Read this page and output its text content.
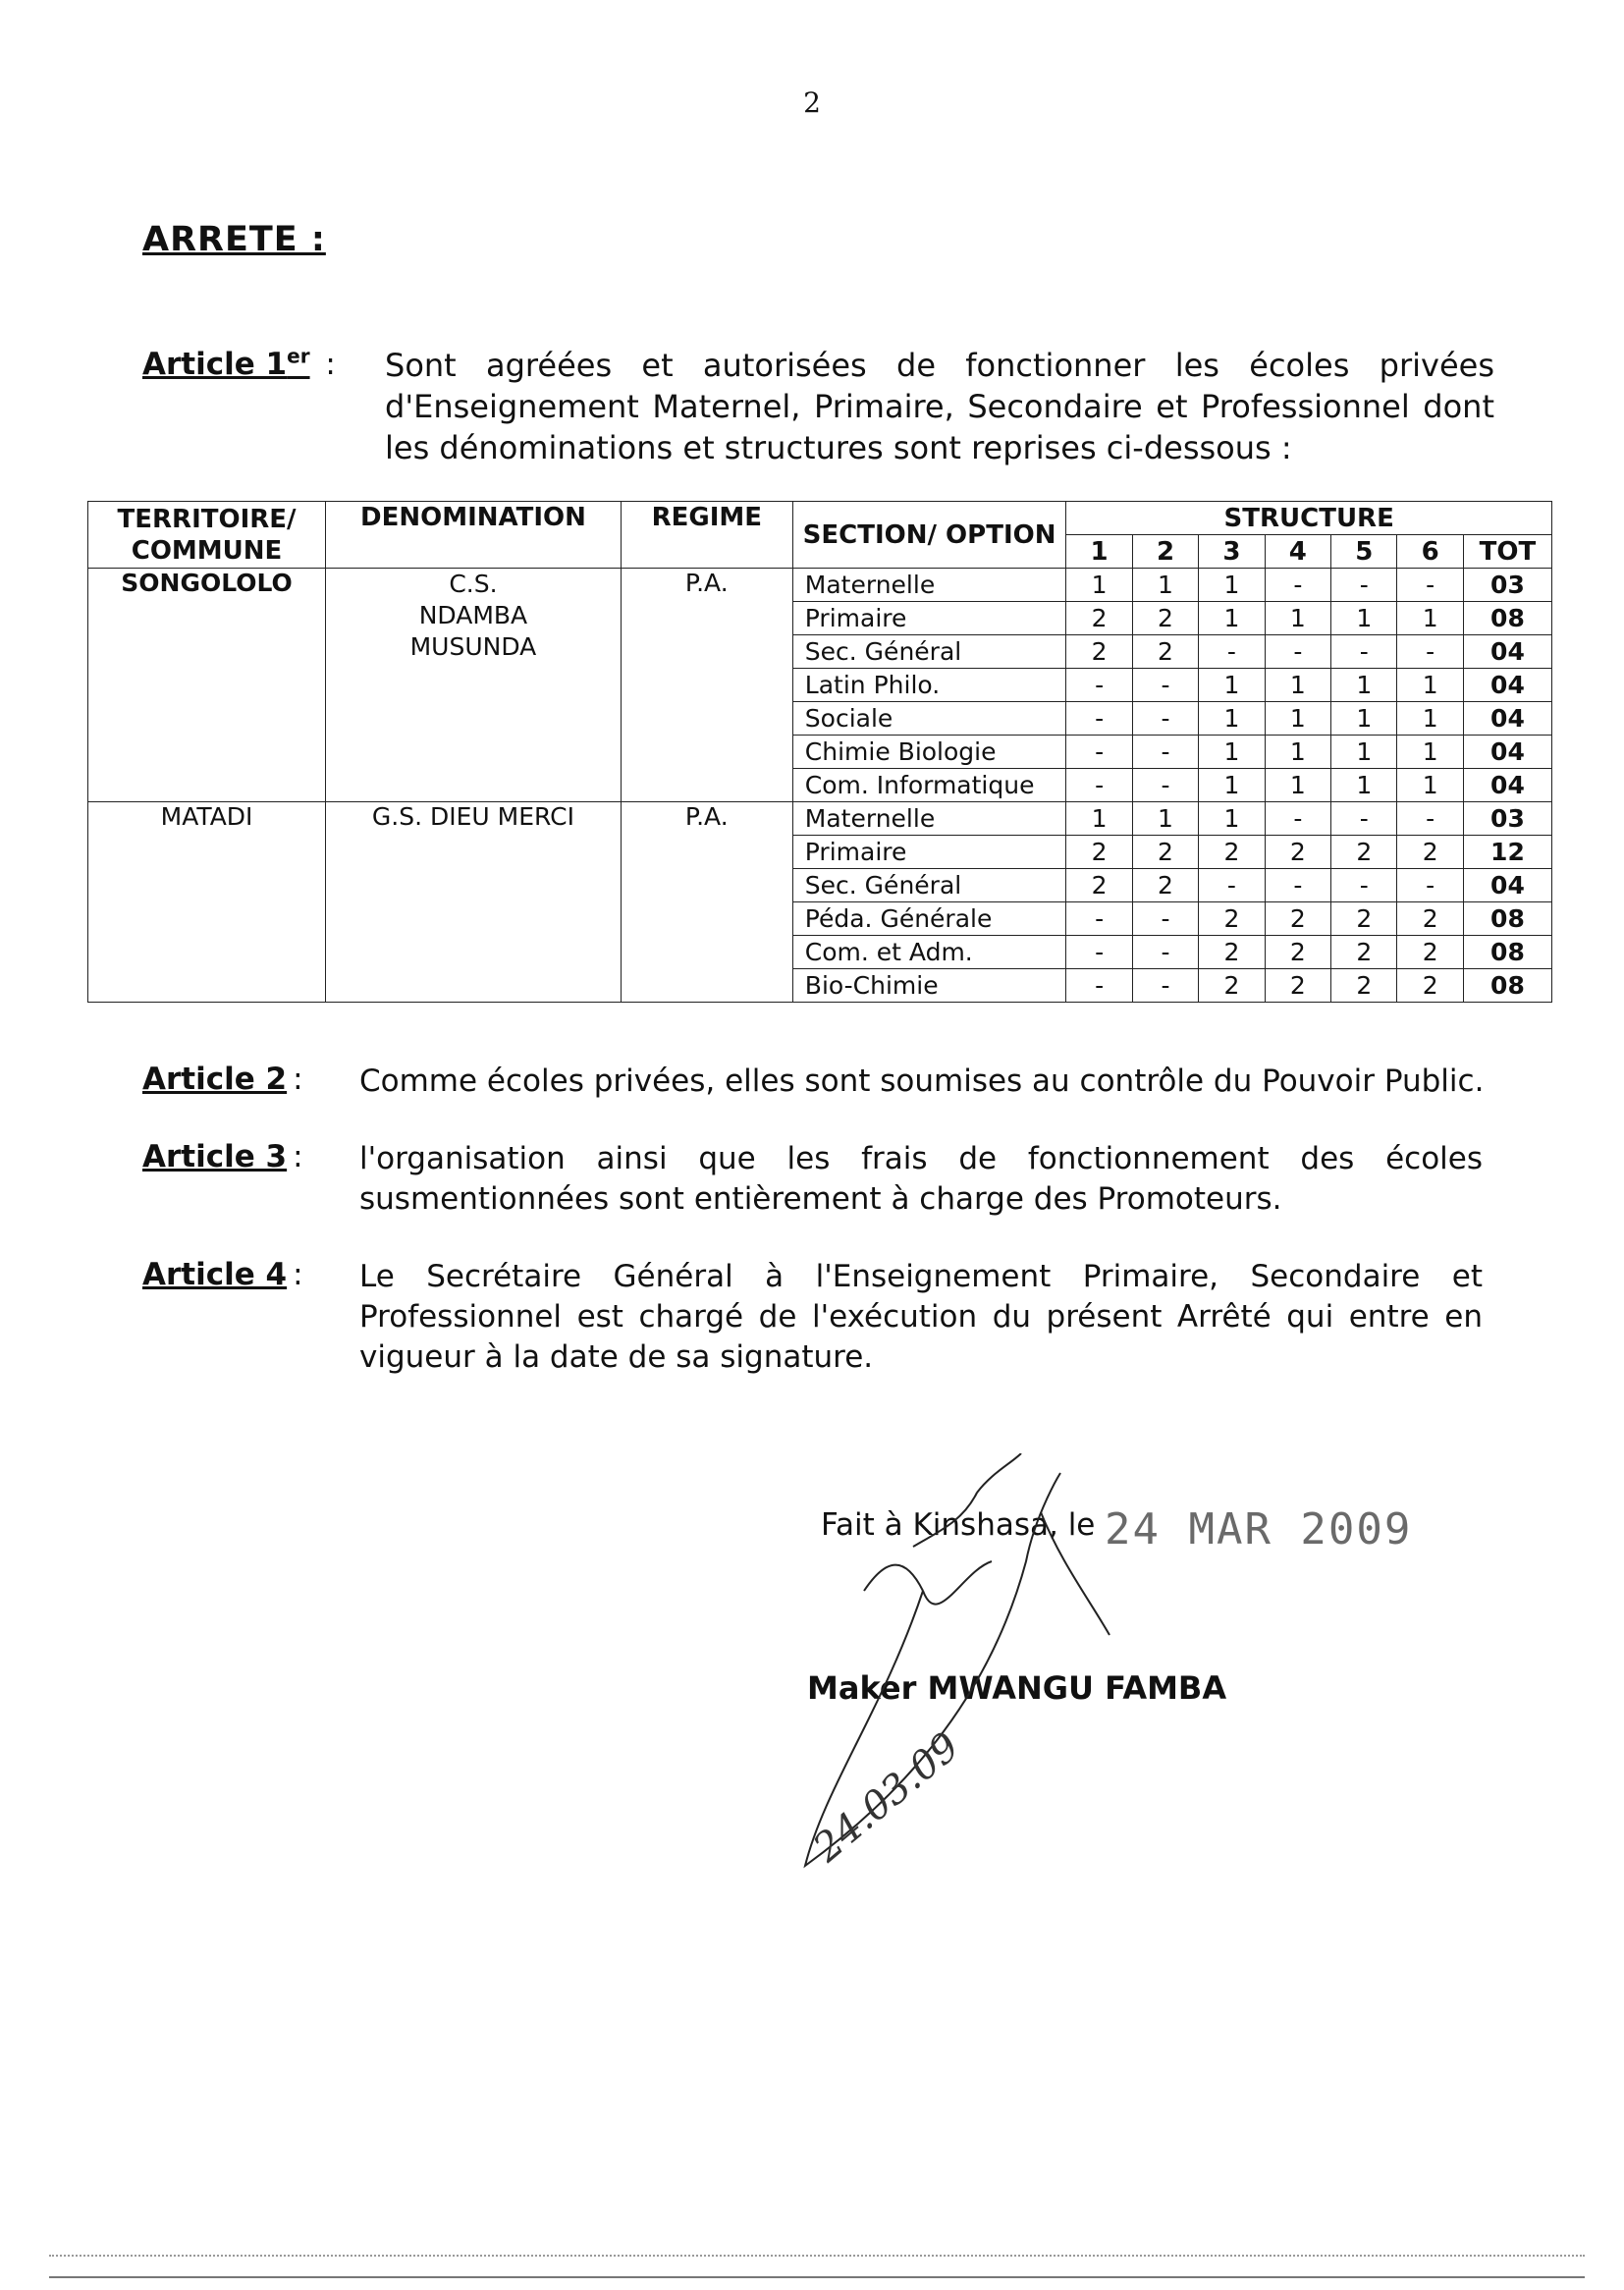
2
ARRETE :
Article 1er : Sont agréées et autorisées de fonctionner les écoles privées d'Enseignement Maternel, Primaire, Secondaire et Professionnel dont les dénominations et structures sont reprises ci-dessous :
TERRITOIRE/ COMMUNE	DENOMINATION	REGIME	SECTION/ OPTION	STRUCTURE						
				1	2	3	4	5	6	TOT
SONGOLOLO	C.S. NDAMBA MUSUNDA	P.A.	Maternelle	1	1	1	-	-	-	03
			Primaire	2	2	1	1	1	1	08
			Sec. Général	2	2	-	-	-	-	04
			Latin Philo.	-	-	1	1	1	1	04
			Sociale	-	-	1	1	1	1	04
			Chimie Biologie	-	-	1	1	1	1	04
			Com. Informatique	-	-	1	1	1	1	04
MATADI	G.S. DIEU MERCI	P.A.	Maternelle	1	1	1	-	-	-	03
			Primaire	2	2	2	2	2	2	12
			Sec. Général	2	2	-	-	-	-	04
			Péda. Générale	-	-	2	2	2	2	08
			Com. et Adm.	-	-	2	2	2	2	08
			Bio-Chimie	-	-	2	2	2	2	08
Article 2 : Comme écoles privées, elles sont soumises au contrôle du Pouvoir Public.
Article 3 : l'organisation ainsi que les frais de fonctionnement des écoles susmentionnées sont entièrement à charge des Promoteurs.
Article 4 : Le Secrétaire Général à l'Enseignement Primaire, Secondaire et Professionnel est chargé de l'exécution du présent Arrêté qui entre en vigueur à la date de sa signature.
Fait à Kinshasa, le 24 MAR 2009
Maker MWANGU FAMBA
24.03.09
